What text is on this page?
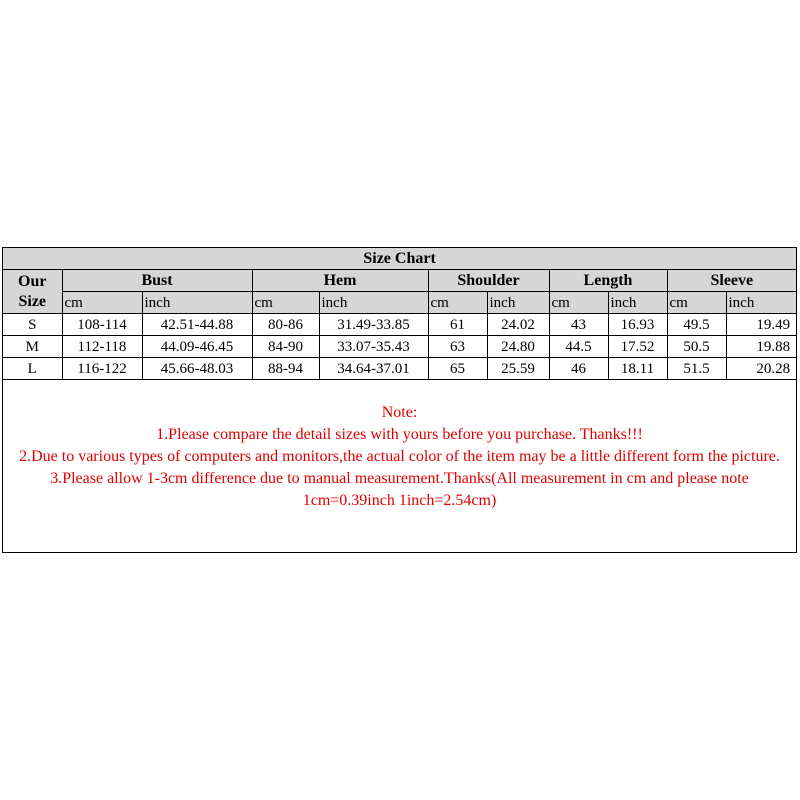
Size Chart										
Our
Size	Bust		Hem		Shoulder		Length		Sleeve	
	cm	inch	cm	inch	cm	inch	cm	inch	cm	inch
S	108-114	42.51-44.88	80-86	31.49-33.85	61	24.02	43	16.93	49.5	19.49
M	112-118	44.09-46.45	84-90	33.07-35.43	63	24.80	44.5	17.52	50.5	19.88
L	116-122	45.66-48.03	88-94	34.64-37.01	65	25.59	46	18.11	51.5	20.28
Note:
1.Please compare the detail sizes with yours before you purchase. Thanks!!!
2.Due to various types of computers and monitors,the actual color of the item may be a little different form the picture.
3.Please allow 1-3cm difference due to manual measurement.Thanks(All measurement in cm and please note 1cm=0.39inch 1inch=2.54cm)
